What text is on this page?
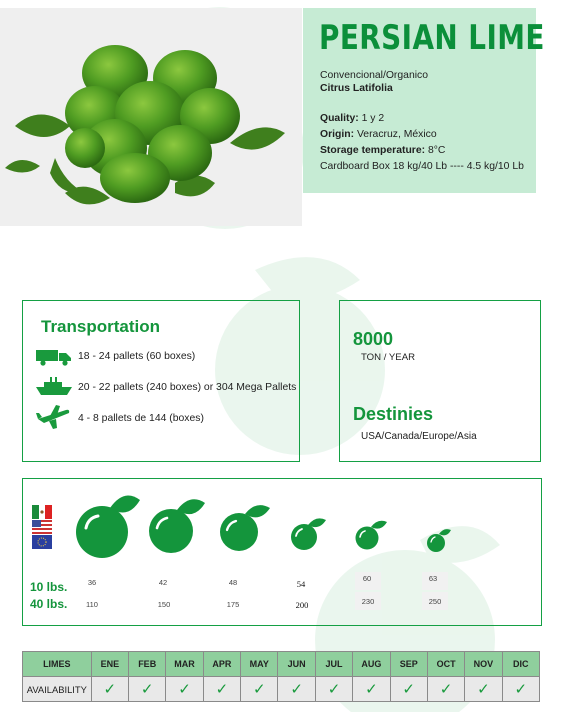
PERSIAN LIME
Convencional/Organico
Citrus Latifolia
Quality: 1 y 2
Origin: Veracruz, México
Storage temperature: 8°C
Cardboard Box 18 kg/40 Lb ---- 4.5 kg/10 Lb
Transportation
18 - 24 pallets (60 boxes)
20 - 22 pallets (240 boxes) or 304 Mega Pallets
4 - 8 pallets de 144 (boxes)
8000
TON / YEAR
Destinies
USA/Canada/Europe/Asia
10 lbs.
40 lbs.
36	42	48	54
60	63
110	150	175	200	230	250
LIMES	ENE	FEB	MAR	APR	MAY	JUN	JUL	AUG	SEP	OCT	NOV	DIC
AVAILABILITY	✓	✓	✓	✓	✓	✓	✓	✓	✓	✓	✓	✓
